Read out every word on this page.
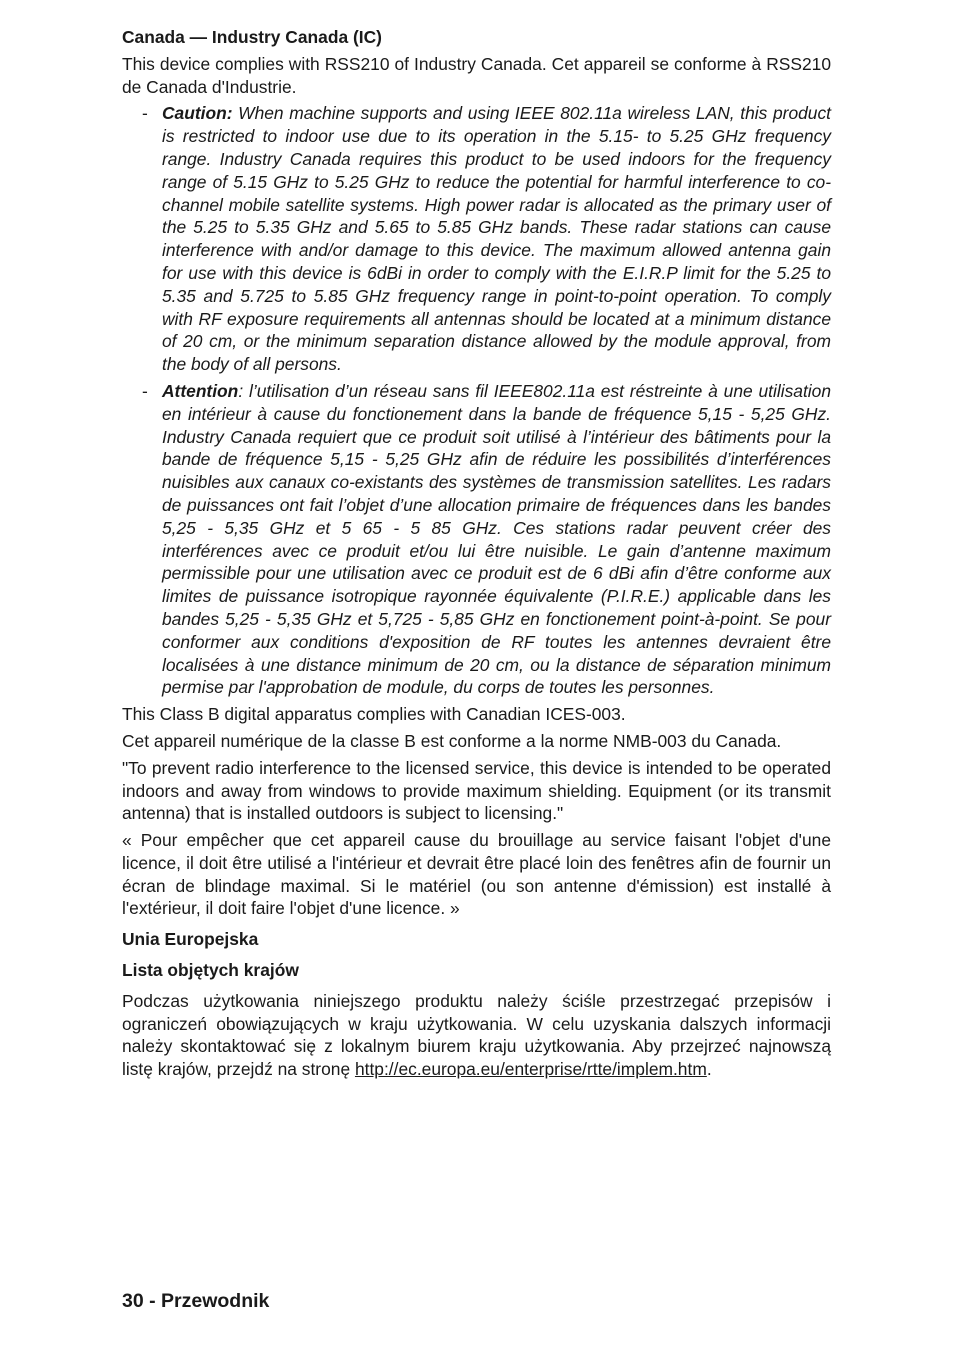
Canada — Industry Canada (IC)

This device complies with RSS210 of Industry Canada. Cet appareil se conforme à RSS210 de Canada d'Industrie.

- Caution: When machine supports and using IEEE 802.11a wireless LAN, this product is restricted to indoor use due to its operation in the 5.15- to 5.25 GHz frequency range. Industry Canada requires this product to be used indoors for the frequency range of 5.15 GHz to 5.25 GHz to reduce the potential for harmful interference to co-channel mobile satellite systems. High power radar is allocated as the primary user of the 5.25 to 5.35 GHz and 5.65 to 5.85 GHz bands. These radar stations can cause interference with and/or damage to this device. The maximum allowed antenna gain for use with this device is 6dBi in order to comply with the E.I.R.P limit for the 5.25 to 5.35 and 5.725 to 5.85 GHz frequency range in point-to-point operation. To comply with RF exposure requirements all antennas should be located at a minimum distance of 20 cm, or the minimum separation distance allowed by the module approval, from the body of all persons.
- Attention: l’utilisation d’un réseau sans fil IEEE802.11a est réstreinte à une utilisation en intérieur à cause du fonctionement dans la bande de fréquence 5,15 - 5,25 GHz. Industry Canada requiert que ce produit soit utilisé à l’intérieur des bâtiments pour la bande de fréquence 5,15 - 5,25 GHz afin de réduire les possibilités d’interférences nuisibles aux canaux co-existants des systèmes de transmission satellites. Les radars de puissances ont fait l’objet d’une allocation primaire de fréquences dans les bandes 5,25 - 5,35 GHz et 5 65 - 5 85 GHz. Ces stations radar peuvent créer des interférences avec ce produit et/ou lui être nuisible. Le gain d’antenne maximum permissible pour une utilisation avec ce produit est de 6 dBi afin d’être conforme aux limites de puissance isotropique rayonnée équivalente (P.I.R.E.) applicable dans les bandes 5,25 - 5,35 GHz et 5,725 - 5,85 GHz en fonctionement point-à-point. Se pour conformer aux conditions d'exposition de RF toutes les antennes devraient être localisées à une distance minimum de 20 cm, ou la distance de séparation minimum permise par l'approbation de module, du corps de toutes les personnes.

This Class B digital apparatus complies with Canadian ICES-003.

Cet appareil numérique de la classe B est conforme a la norme NMB-003 du Canada.

"To prevent radio interference to the licensed service, this device is intended to be operated indoors and away from windows to provide maximum shielding. Equipment (or its transmit antenna) that is installed outdoors is subject to licensing."

« Pour empêcher que cet appareil cause du brouillage au service faisant l'objet d'une licence, il doit être utilisé a l'intérieur et devrait être placé loin des fenêtres afin de fournir un écran de blindage maximal. Si le matériel (ou son antenne d'émission) est installé à l'extérieur, il doit faire l'objet d'une licence. »

Unia Europejska
Lista objętych krajów

Podczas użytkowania niniejszego produktu należy ściśle przestrzegać przepisów i ograniczeń obowiązujących w kraju użytkowania. W celu uzyskania dalszych informacji należy skontaktować się z lokalnym biurem kraju użytkowania. Aby przejrzeć najnowszą listę krajów, przejdź na stronę http://ec.europa.eu/enterprise/rtte/implem.htm.

30 - Przewodnik
